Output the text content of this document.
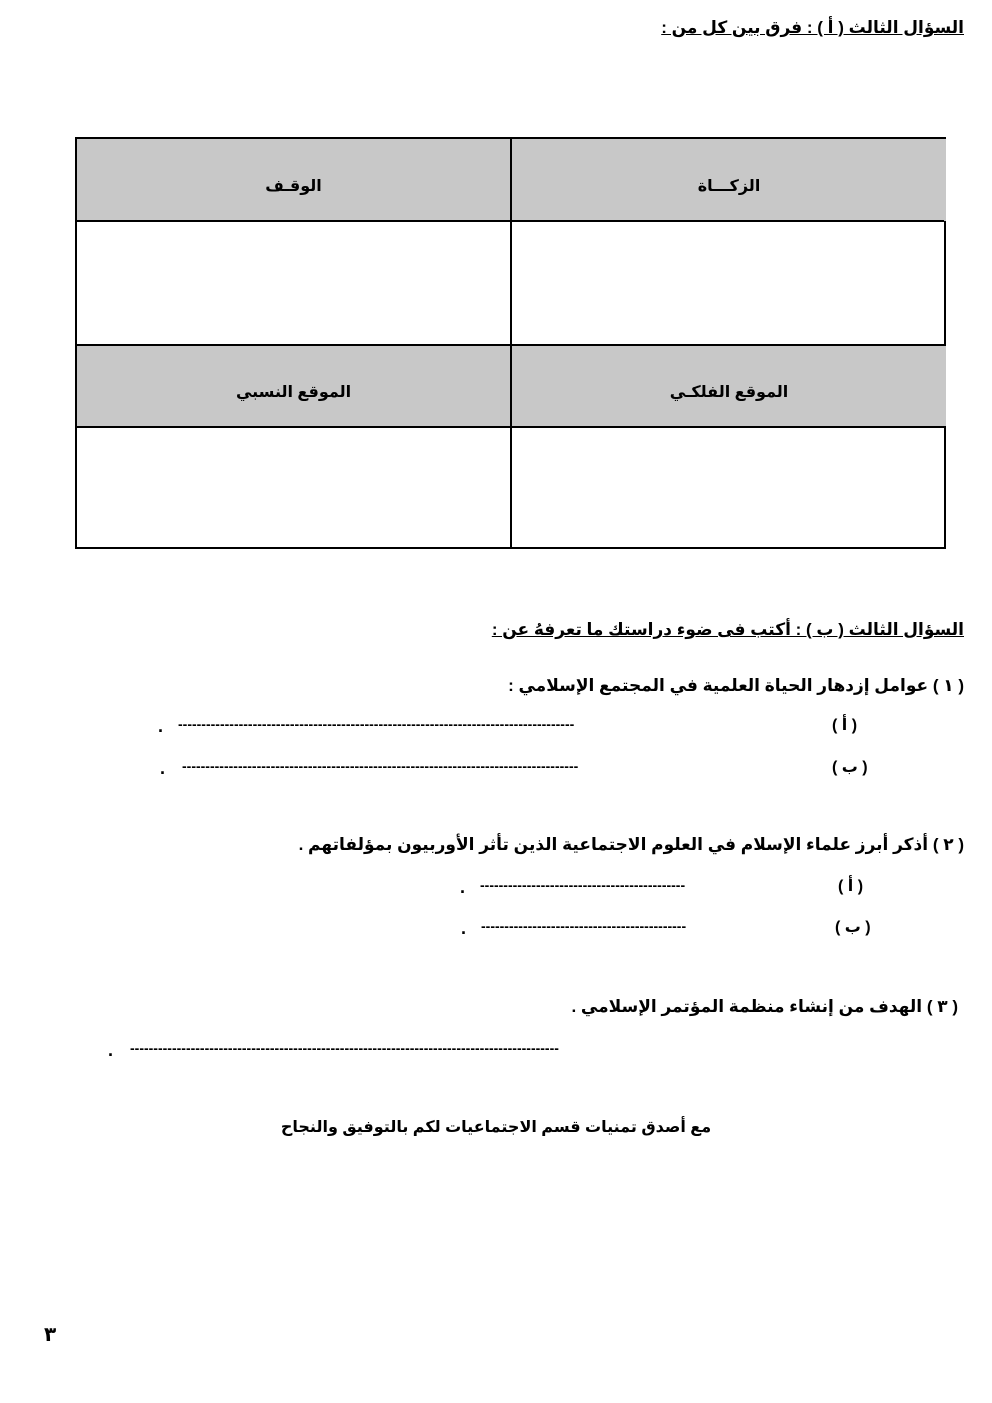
السؤال الثالث ( أ ) : فرق بين كل من :
الزكـــاة
الوقـف
الموقع الفلكـي
الموقع النسبي
السؤال الثالث ( ب ) : أكتب فى ضوء دراستك ما تعرفهُ عن :
( ١ ) عوامل إزدهار الحياة العلمية في المجتمع الإسلامي :
( أ )
-------------------------------------------------------------------------------------
.
( ب )
-------------------------------------------------------------------------------------
.
( ٢ ) أذكر أبرز علماء الإسلام في العلوم الاجتماعية الذين تأثر الأوربيون بمؤلفاتهم .
( أ )
--------------------------------------------
.
( ب )
--------------------------------------------
.
( ٣ ) الهدف من إنشاء منظمة المؤتمر الإسلامي .
--------------------------------------------------------------------------------------------
.
مع أصدق تمنيات قسم الاجتماعيات لكم بالتوفيق والنجاح
٣
